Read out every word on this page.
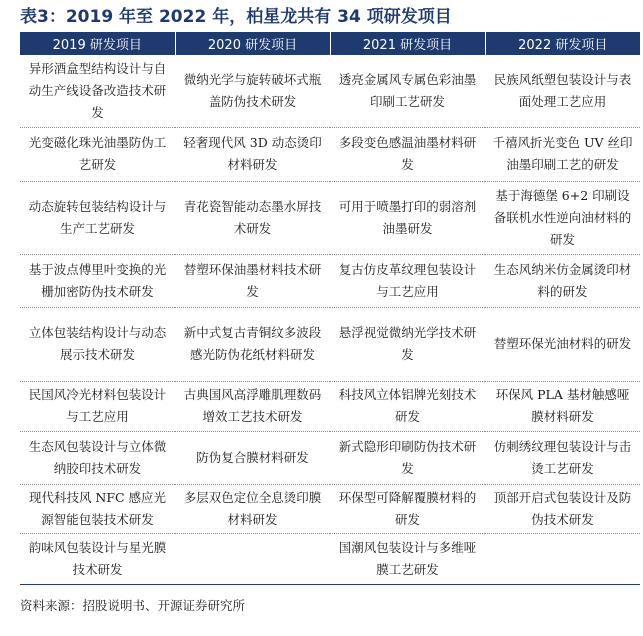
表3：2019 年至 2022 年，柏星龙共有 34 项研发项目
2019 研发项目	2020 研发项目	2021 研发项目	2022 研发项目
异形酒盒型结构设计与自动生产线设备改造技术研发	微纳光学与旋转破坏式瓶盖防伪技术研发	透亮金属风专属色彩油墨印刷工艺研发	民族风纸塑包装设计与表面处理工艺应用
光变磁化珠光油墨防伪工艺研发	轻奢现代风 3D 动态烫印材料研发	多段变色感温油墨材料研发	千禧风折光变色 UV 丝印油墨印刷工艺的研发
动态旋转包装结构设计与生产工艺研发	青花瓷智能动态墨水屏技术研发	可用于喷墨打印的弱溶剂油墨研发	基于海德堡 6+2 印刷设备联机水性逆向油材料的研发
基于波点傅里叶变换的光栅加密防伪技术研发	替塑环保油墨材料技术研发	复古仿皮革纹理包装设计与工艺应用	生态风纳米仿金属烫印材料的研发
立体包装结构设计与动态展示技术研发	新中式复古青铜纹多波段感光防伪花纸材料研发	悬浮视觉微纳光学技术研发	替塑环保光油材料的研发
民国风冷光材料包装设计与工艺应用	古典国风高浮雕肌理数码增效工艺技术研发	科技风立体铝牌光刻技术研发	环保风 PLA 基材触感哑膜材料研发
生态风包装设计与立体微纳胶印技术研发	防伪复合膜材料研发	新式隐形印刷防伪技术研发	仿刺绣纹理包装设计与击烫工艺研发
现代科技风 NFC 感应光源智能包装技术研发	多层双色定位全息烫印膜材料研发	环保型可降解覆膜材料的研发	顶部开启式包装设计及防伪技术研发
韵味风包装设计与星光膜技术研发		国潮风包装设计与多维哑膜工艺研发	
资料来源：招股说明书、开源证券研究所
